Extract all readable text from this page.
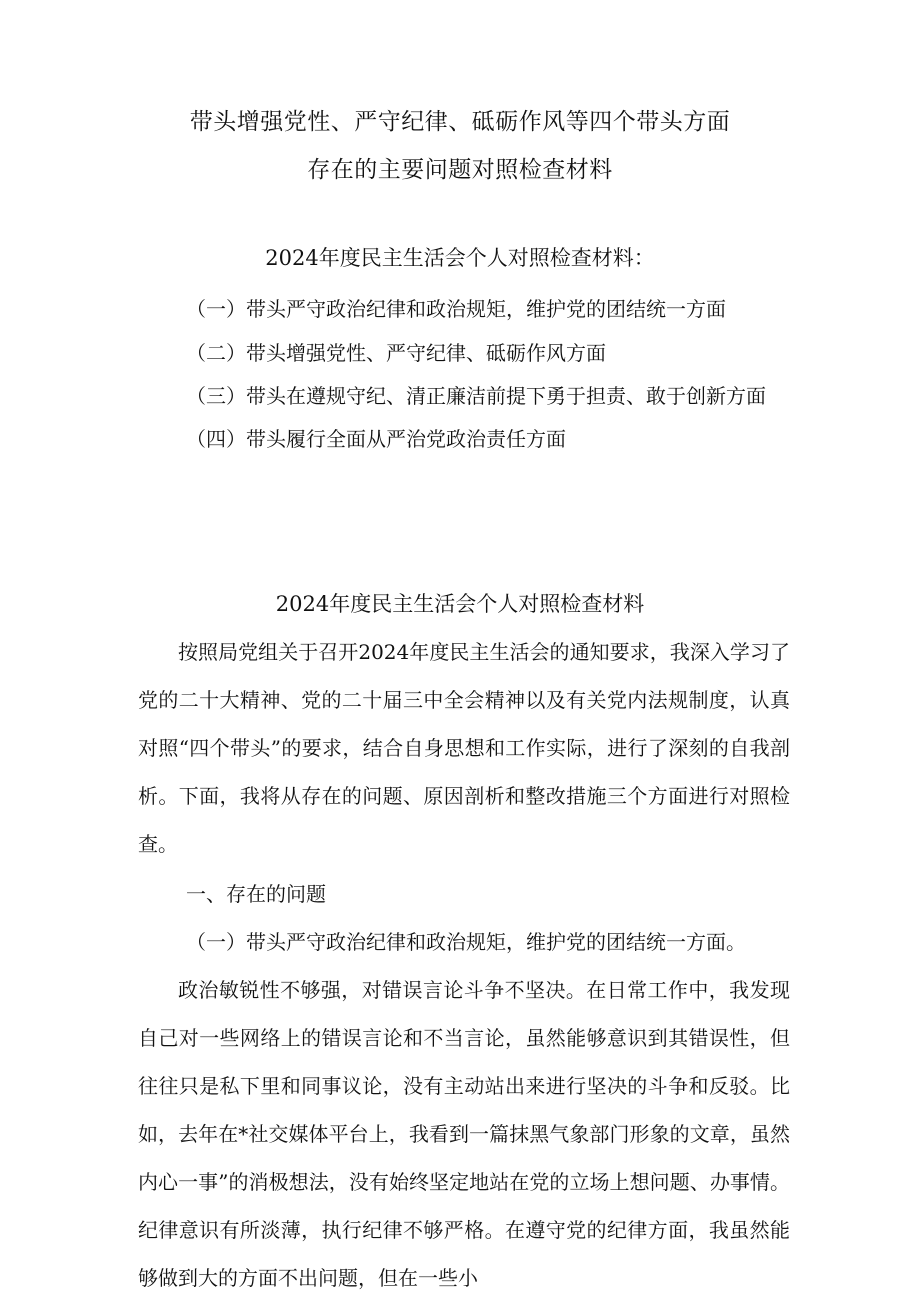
带头增强党性、严守纪律、砥砺作风等四个带头方面
存在的主要问题对照检查材料
2024年度民主生活会个人对照检查材料：
（一）带头严守政治纪律和政治规矩，维护党的团结统一方面
（二）带头增强党性、严守纪律、砥砺作风方面
（三）带头在遵规守纪、清正廉洁前提下勇于担责、敢于创新方面
（四）带头履行全面从严治党政治责任方面
2024年度民主生活会个人对照检查材料

按照局党组关于召开2024年度民主生活会的通知要求，我深入学习了党的二十大精神、党的二十届三中全会精神以及有关党内法规制度，认真对照“四个带头”的要求，结合自身思想和工作实际，进行了深刻的自我剖析。下面，我将从存在的问题、原因剖析和整改措施三个方面进行对照检查。

一、存在的问题
（一）带头严守政治纪律和政治规矩，维护党的团结统一方面。

政治敏锐性不够强，对错误言论斗争不坚决。在日常工作中，我发现自己对一些网络上的错误言论和不当言论，虽然能够意识到其错误性，但往往只是私下里和同事议论，没有主动站出来进行坚决的斗争和反驳。比如，去年在*社交媒体平台上，我看到一篇抹黑气象部门形象的文章，虽然内心一事”的消极想法，没有始终坚定地站在党的立场上想问题、办事情。纪律意识有所淡薄，执行纪律不够严格。在遵守党的纪律方面，我虽然能够做到大的方面不出问题，但在一些小
